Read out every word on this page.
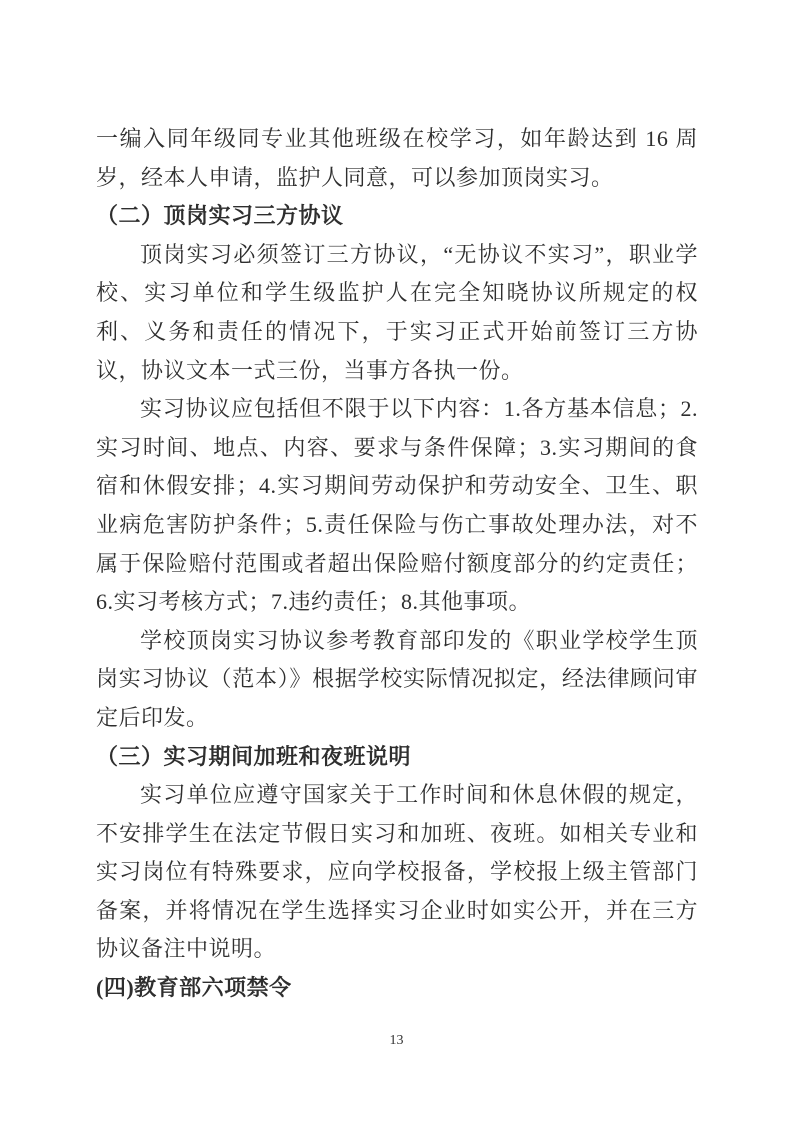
一编入同年级同专业其他班级在校学习，如年龄达到 16 周岁，经本人申请，监护人同意，可以参加顶岗实习。

（二）顶岗实习三方协议

顶岗实习必须签订三方协议，“无协议不实习”，职业学校、实习单位和学生级监护人在完全知晓协议所规定的权利、义务和责任的情况下，于实习正式开始前签订三方协议，协议文本一式三份，当事方各执一份。

实习协议应包括但不限于以下内容：1.各方基本信息；2.实习时间、地点、内容、要求与条件保障；3.实习期间的食宿和休假安排；4.实习期间劳动保护和劳动安全、卫生、职业病危害防护条件；5.责任保险与伤亡事故处理办法，对不属于保险赔付范围或者超出保险赔付额度部分的约定责任；6.实习考核方式；7.违约责任；8.其他事项。

学校顶岗实习协议参考教育部印发的《职业学校学生顶岗实习协议（范本）》根据学校实际情况拟定，经法律顾问审定后印发。

（三）实习期间加班和夜班说明

实习单位应遵守国家关于工作时间和休息休假的规定，不安排学生在法定节假日实习和加班、夜班。如相关专业和实习岗位有特殊要求，应向学校报备，学校报上级主管部门备案，并将情况在学生选择实习企业时如实公开，并在三方协议备注中说明。

(四)教育部六项禁令

13
